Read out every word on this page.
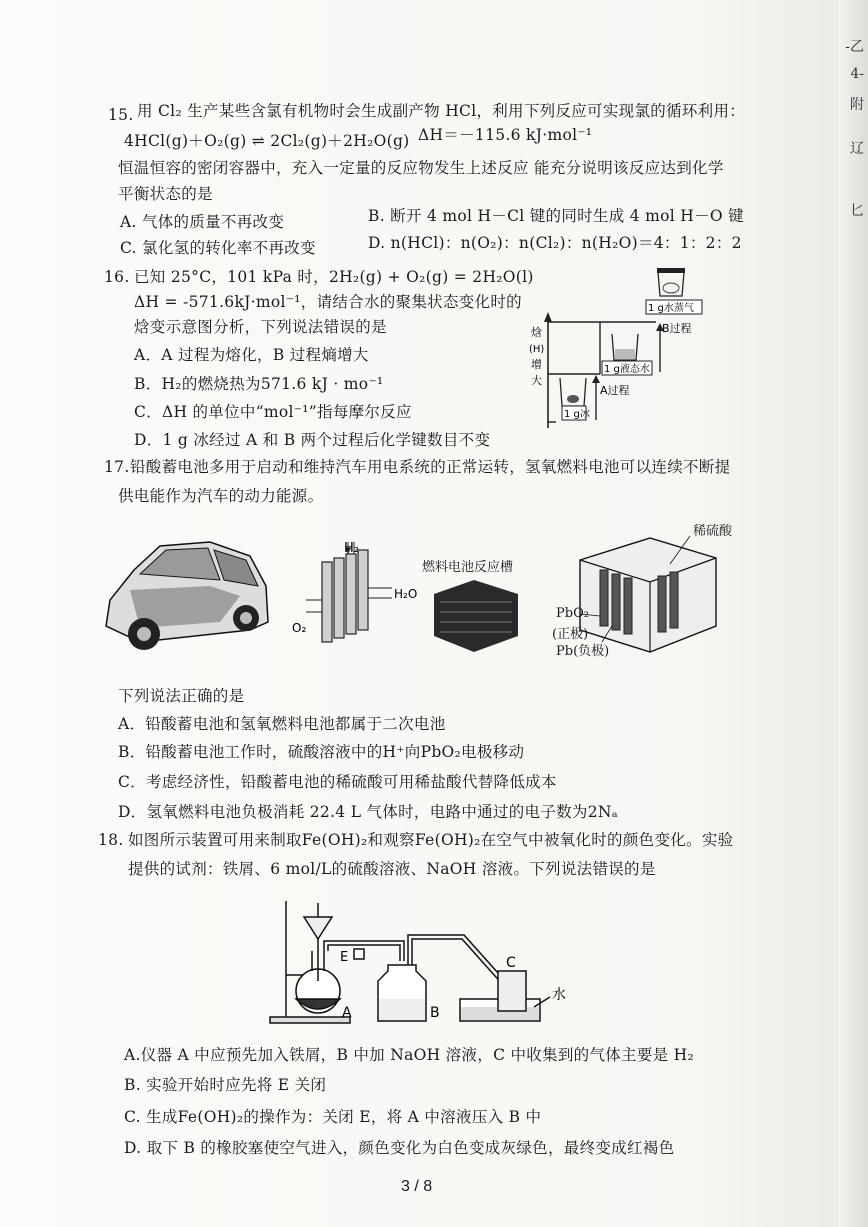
-乙
4-
附
辽
匕
15. 用 Cl₂ 生产某些含氯有机物时会生成副产物 HCl，利用下列反应可实现氯的循环利用：
4HCl(g)＋O₂(g) ⇌ 2Cl₂(g)＋2H₂O(g) ΔH＝－115.6 kJ·mol⁻¹
恒温恒容的密闭容器中，充入一定量的反应物发生上述反应 能充分说明该反应达到化学
平衡状态的是
A. 气体的质量不再改变	B. 断开 4 mol H－Cl 键的同时生成 4 mol H－O 键
C. 氯化氢的转化率不再改变	D. n(HCl)：n(O₂)：n(Cl₂)：n(H₂O)＝4：1：2：2
16. 已知 25°C，101 kPa 时，2H₂(g) + O₂(g) = 2H₂O(l)
ΔH = -571.6kJ·mol⁻¹，请结合水的聚集状态变化时的
焓变示意图分析，下列说法错误的是
A．A 过程为熔化，B 过程熵增大
B．H₂的燃烧热为571.6 kJ · mo⁻¹
C．ΔH 的单位中“mol⁻¹”指每摩尔反应
D．1 g 冰经过 A 和 B 两个过程后化学键数目不变
1 g冰
1 g液态水
1 g水蒸气
A过程
B过程
焓
(H)
增
大
17. 铅酸蓄电池多用于启动和维持汽车用电系统的正常运转，氢氧燃料电池可以连续不断提
供电能作为汽车的动力能源。
H₂
H₂O
O₂
燃料电池反应槽
稀硫酸
PbO₂
(正极)
Pb(负极)
下列说法正确的是
A．铅酸蓄电池和氢氧燃料电池都属于二次电池
B．铅酸蓄电池工作时，硫酸溶液中的H⁺向PbO₂电极移动
C．考虑经济性，铅酸蓄电池的稀硫酸可用稀盐酸代替降低成本
D．氢氧燃料电池负极消耗 22.4 L 气体时，电路中通过的电子数为2Nₐ
18. 如图所示装置可用来制取Fe(OH)₂和观察Fe(OH)₂在空气中被氧化时的颜色变化。实验
提供的试剂：铁屑、6 mol/L的硫酸溶液、NaOH 溶液。下列说法错误的是
A	B
C
E
水
A.仪器 A 中应预先加入铁屑，B 中加 NaOH 溶液，C 中收集到的气体主要是 H₂
B. 实验开始时应先将 E 关闭
C. 生成Fe(OH)₂的操作为：关闭 E，将 A 中溶液压入 B 中
D. 取下 B 的橡胶塞使空气进入，颜色变化为白色变成灰绿色，最终变成红褐色
3 / 8
